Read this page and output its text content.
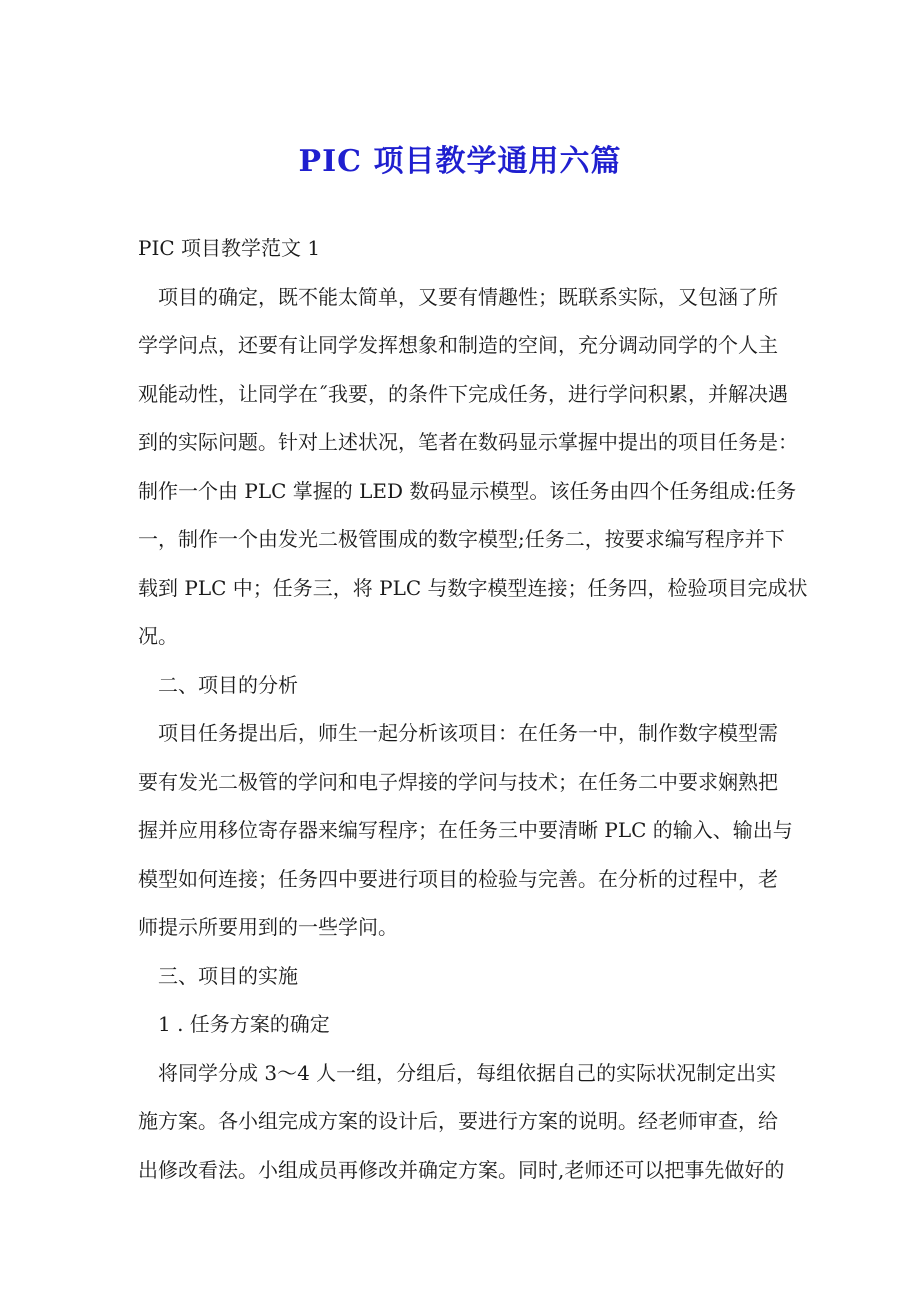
PIC 项目教学通用六篇
PIC 项目教学范文 1
项目的确定，既不能太简单，又要有情趣性；既联系实际，又包涵了所
学学问点，还要有让同学发挥想象和制造的空间，充分调动同学的个人主
观能动性，让同学在˝我要，的条件下完成任务，进行学问积累，并解决遇
到的实际问题。针对上述状况，笔者在数码显示掌握中提出的项目任务是：
制作一个由 PLC 掌握的 LED 数码显示模型。该任务由四个任务组成:任务
一，制作一个由发光二极管围成的数字模型;任务二，按要求编写程序并下
载到 PLC 中；任务三，将 PLC 与数字模型连接；任务四，检验项目完成状
况。
二、项目的分析
项目任务提出后，师生一起分析该项目：在任务一中，制作数字模型需
要有发光二极管的学问和电子焊接的学问与技术；在任务二中要求娴熟把
握并应用移位寄存器来编写程序；在任务三中要清晰 PLC 的输入、输出与
模型如何连接；任务四中要进行项目的检验与完善。在分析的过程中，老
师提示所要用到的一些学问。
三、项目的实施
1 . 任务方案的确定
将同学分成 3～4 人一组，分组后，每组依据自己的实际状况制定出实
施方案。各小组完成方案的设计后，要进行方案的说明。经老师审查，给
出修改看法。小组成员再修改并确定方案。同时,老师还可以把事先做好的
